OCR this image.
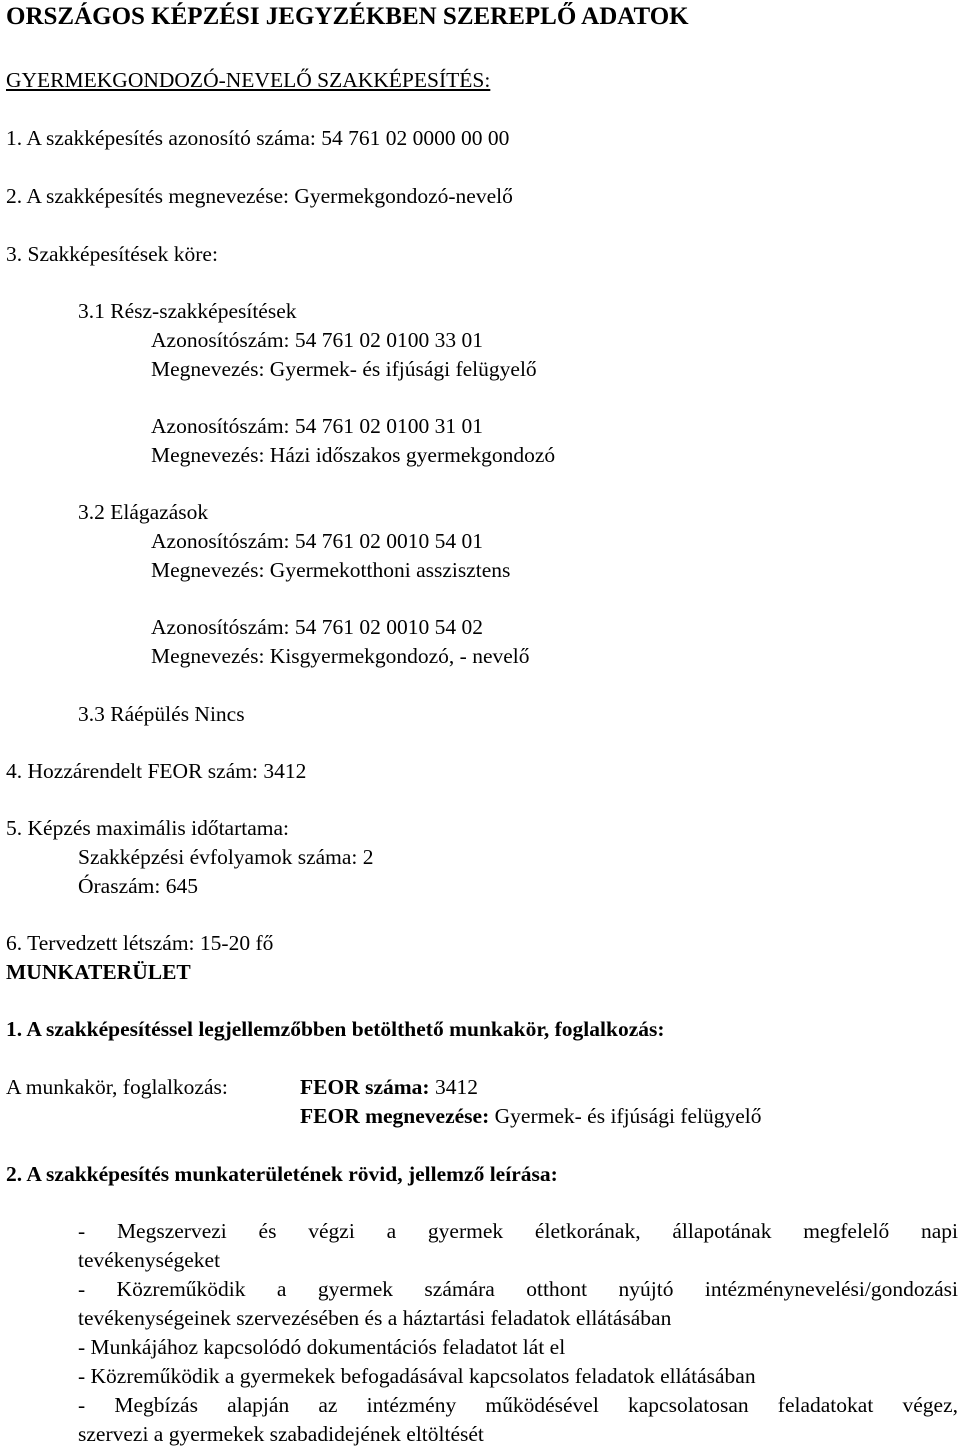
ORSZÁGOS KÉPZÉSI JEGYZÉKBEN SZEREPLŐ ADATOK
GYERMEKGONDOZÓ-NEVELŐ SZAKKÉPESÍTÉS:
1. A szakképesítés azonosító száma: 54 761 02 0000 00 00
2. A szakképesítés megnevezése: Gyermekgondozó-nevelő
3. Szakképesítések köre:
3.1 Rész-szakképesítések
Azonosítószám: 54 761 02 0100 33 01
Megnevezés: Gyermek- és ifjúsági felügyelő
Azonosítószám: 54 761 02 0100 31 01
Megnevezés: Házi időszakos gyermekgondozó
3.2 Elágazások
Azonosítószám: 54 761 02 0010 54 01
Megnevezés: Gyermekotthoni asszisztens
Azonosítószám: 54 761 02 0010 54 02
Megnevezés: Kisgyermekgondozó, - nevelő
3.3 Ráépülés Nincs
4. Hozzárendelt FEOR szám: 3412
5. Képzés maximális időtartama:
Szakképzési évfolyamok száma: 2
Óraszám: 645
6. Tervedzett létszám: 15-20 fő
MUNKATERÜLET
1. A szakképesítéssel legjellemzőbben betölthető munkakör, foglalkozás:
A munkakör, foglalkozás:	FEOR száma: 3412
FEOR megnevezése: Gyermek- és ifjúsági felügyelő
2. A szakképesítés munkaterületének rövid, jellemző leírása:
- Megszervezi és végzi a gyermek életkorának, állapotának megfelelő napi
tevékenységeket
- Közreműködik a gyermek számára otthont nyújtó intézménynevelési/gondozási
tevékenységeinek szervezésében és a háztartási feladatok ellátásában
- Munkájához kapcsolódó dokumentációs feladatot lát el
- Közreműködik a gyermekek befogadásával kapcsolatos feladatok ellátásában
- Megbízás alapján az intézmény működésével kapcsolatosan feladatokat végez,
szervezi a gyermekek szabadidejének eltöltését
